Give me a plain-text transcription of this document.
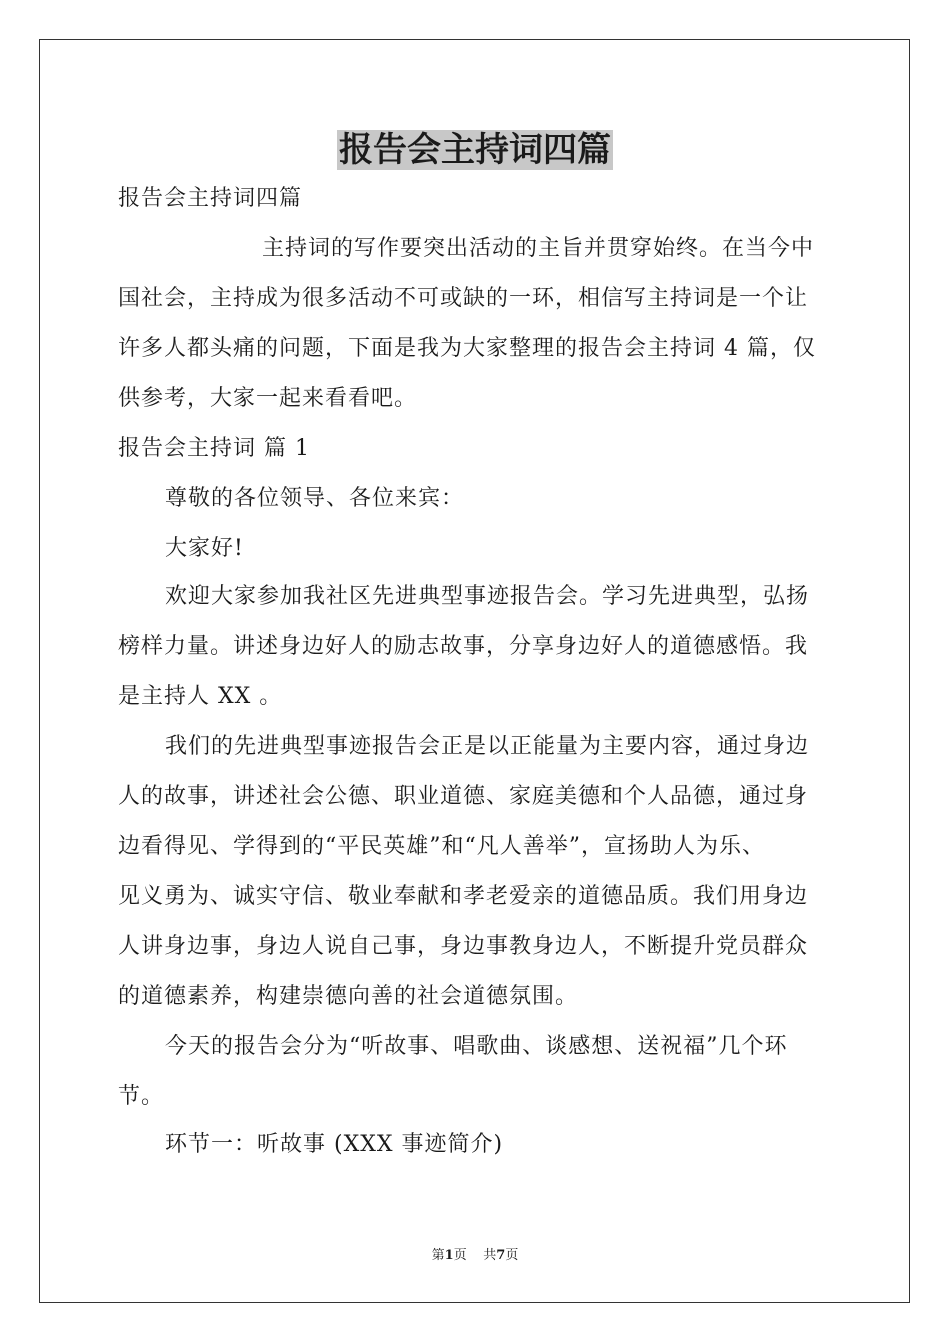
报告会主持词四篇
报告会主持词四篇
主持词的写作要突出活动的主旨并贯穿始终。在当今中
国社会，主持成为很多活动不可或缺的一环，相信写主持词是一个让
许多人都头痛的问题，下面是我为大家整理的报告会主持词 4 篇，仅
供参考，大家一起来看看吧。
报告会主持词 篇 1
尊敬的各位领导、各位来宾：
大家好!
欢迎大家参加我社区先进典型事迹报告会。学习先进典型，弘扬
榜样力量。讲述身边好人的励志故事，分享身边好人的道德感悟。我
是主持人 XX 。
我们的先进典型事迹报告会正是以正能量为主要内容，通过身边
人的故事，讲述社会公德、职业道德、家庭美德和个人品德，通过身
边看得见、学得到的“平民英雄”和“凡人善举”，宣扬助人为乐、
见义勇为、诚实守信、敬业奉献和孝老爱亲的道德品质。我们用身边
人讲身边事，身边人说自己事，身边事教身边人，不断提升党员群众
的道德素养，构建崇德向善的社会道德氛围。
今天的报告会分为“听故事、唱歌曲、谈感想、送祝福”几个环
节。
环节一：听故事 (XXX 事迹简介)
第1页 共7页
